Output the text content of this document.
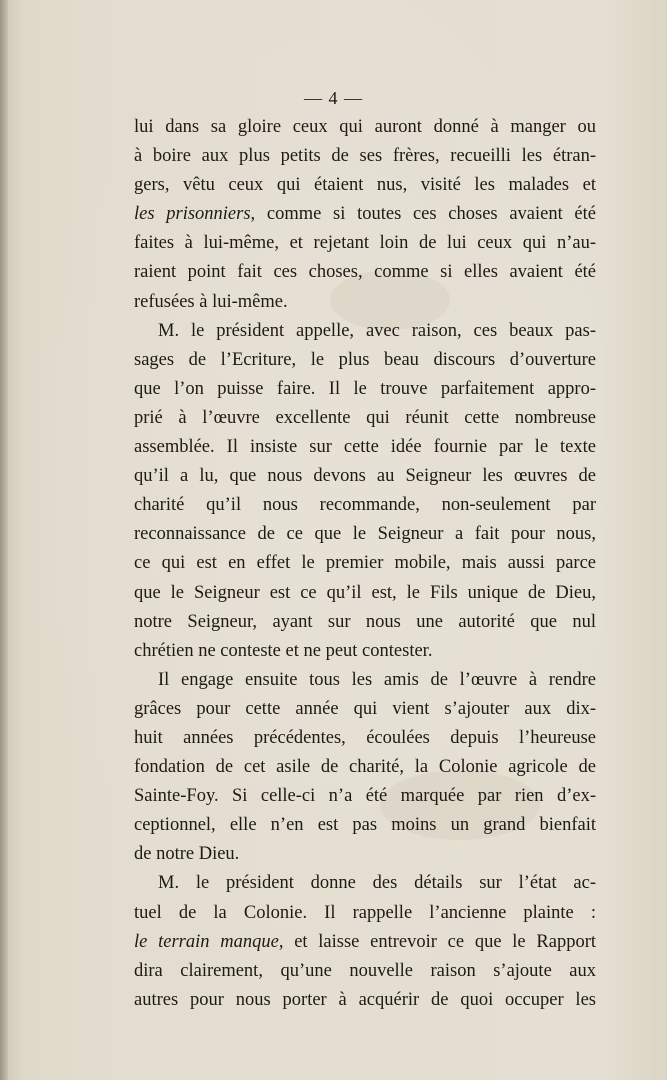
— 4 —
lui dans sa gloire ceux qui auront donné à manger ou
à boire aux plus petits de ses frères, recueilli les étran-
gers, vêtu ceux qui étaient nus, visité les malades et
les prisonniers, comme si toutes ces choses avaient été
faites à lui-même, et rejetant loin de lui ceux qui n’au-
raient point fait ces choses, comme si elles avaient été
refusées à lui-même.
M. le président appelle, avec raison, ces beaux pas-
sages de l’Ecriture, le plus beau discours d’ouverture
que l’on puisse faire. Il le trouve parfaitement appro-
prié à l’œuvre excellente qui réunit cette nombreuse
assemblée. Il insiste sur cette idée fournie par le texte
qu’il a lu, que nous devons au Seigneur les œuvres de
charité qu’il nous recommande, non-seulement par
reconnaissance de ce que le Seigneur a fait pour nous,
ce qui est en effet le premier mobile, mais aussi parce
que le Seigneur est ce qu’il est, le Fils unique de Dieu,
notre Seigneur, ayant sur nous une autorité que nul
chrétien ne conteste et ne peut contester.
Il engage ensuite tous les amis de l’œuvre à rendre
grâces pour cette année qui vient s’ajouter aux dix-
huit années précédentes, écoulées depuis l’heureuse
fondation de cet asile de charité, la Colonie agricole de
Sainte-Foy. Si celle-ci n’a été marquée par rien d’ex-
ceptionnel, elle n’en est pas moins un grand bienfait
de notre Dieu.
M. le président donne des détails sur l’état ac-
tuel de la Colonie. Il rappelle l’ancienne plainte :
le terrain manque, et laisse entrevoir ce que le Rapport
dira clairement, qu’une nouvelle raison s’ajoute aux
autres pour nous porter à acquérir de quoi occuper les
